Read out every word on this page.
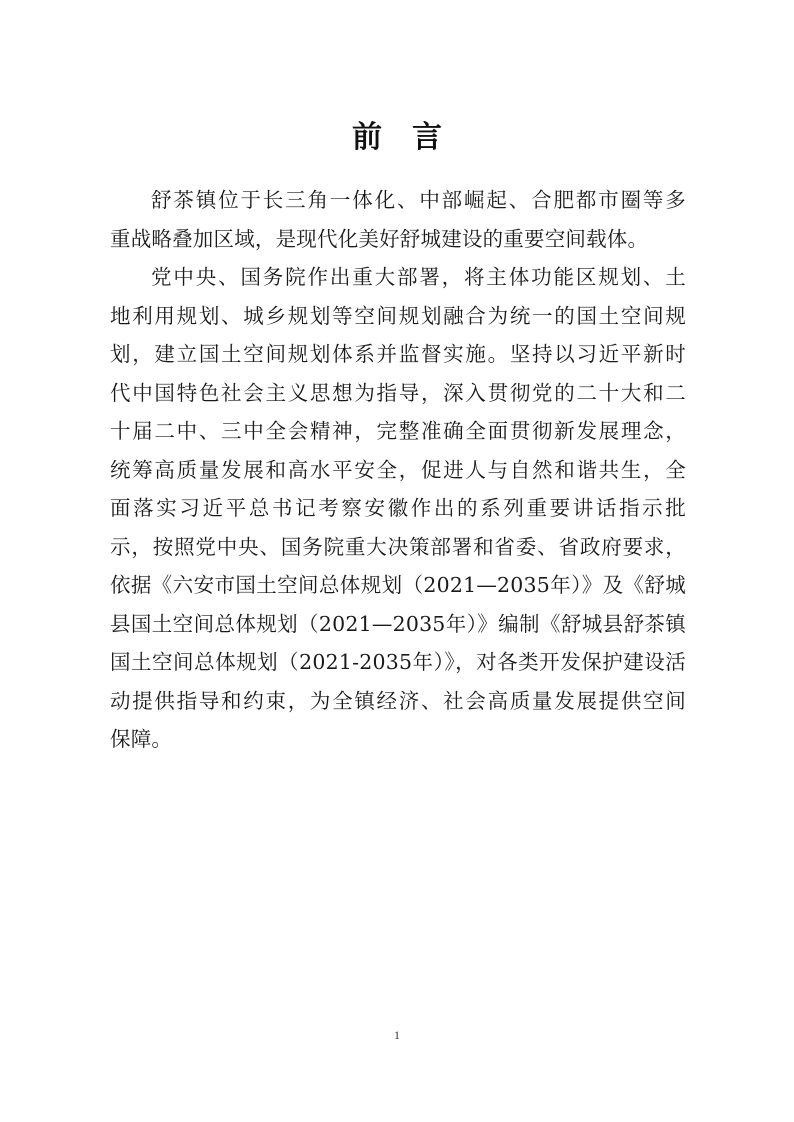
前言
舒茶镇位于长三角一体化、中部崛起、合肥都市圈等多
重战略叠加区域，是现代化美好舒城建设的重要空间载体。
党中央、国务院作出重大部署，将主体功能区规划、土
地利用规划、城乡规划等空间规划融合为统一的国土空间规
划，建立国土空间规划体系并监督实施。坚持以习近平新时
代中国特色社会主义思想为指导，深入贯彻党的二十大和二
十届二中、三中全会精神，完整准确全面贯彻新发展理念，
统筹高质量发展和高水平安全，促进人与自然和谐共生，全
面落实习近平总书记考察安徽作出的系列重要讲话指示批
示，按照党中央、国务院重大决策部署和省委、省政府要求，
依据《六安市国土空间总体规划（2021—2035年）》及《舒城
县国土空间总体规划（2021—2035年）》编制《舒城县舒茶镇
国土空间总体规划（2021-2035年）》，对各类开发保护建设活
动提供指导和约束，为全镇经济、社会高质量发展提供空间
保障。
1
